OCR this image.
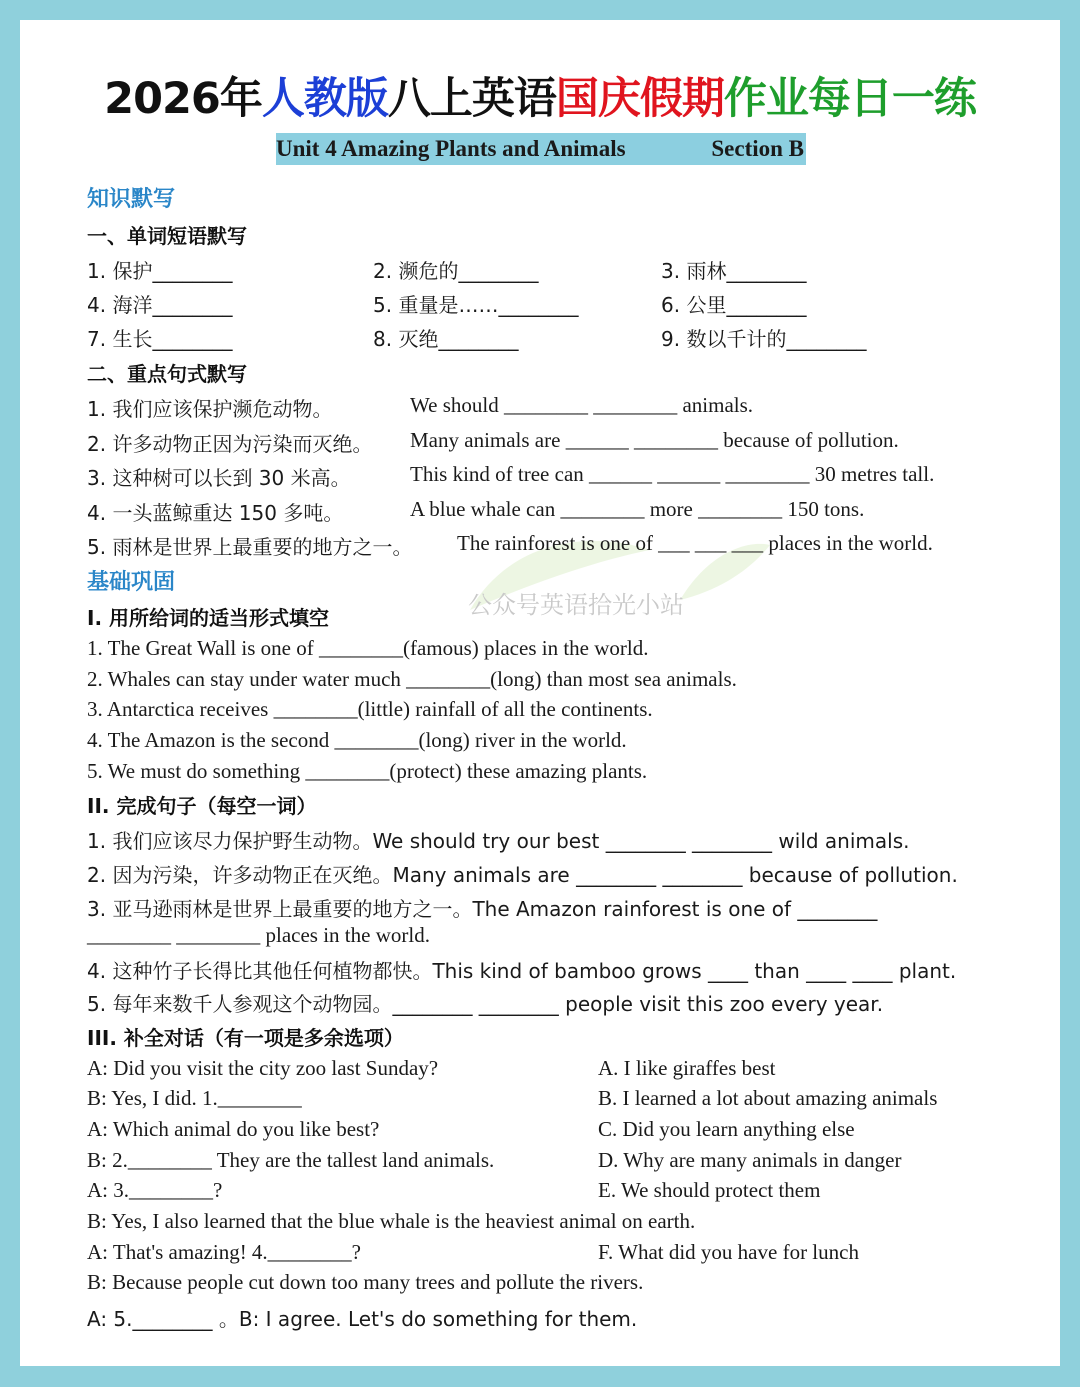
2026年人教版八上英语国庆假期作业每日一练
Unit 4 Amazing Plants and Animals	Section B
公众号英语拾光小站
知识默写
一、单词短语默写
1. 保护________	2. 濒危的________	3. 雨林________
4. 海洋________	5. 重量是……________	6. 公里________
7. 生长________	8. 灭绝________	9. 数以千计的________
二、重点句式默写
1. 我们应该保护濒危动物。	We should ________ ________ animals.
2. 许多动物正因为污染而灭绝。 Many animals are ______ ________ because of pollution.
3. 这种树可以长到 30 米高。	This kind of tree can ______ ______ ________ 30 metres tall.
4. 一头蓝鲸重达 150 多吨。	A blue whale can ________ more ________ 150 tons.
5. 雨林是世界上最重要的地方之一。 The rainforest is one of ___ ___ ___ places in the world.
基础巩固
I. 用所给词的适当形式填空
1. The Great Wall is one of ________(famous) places in the world.
2. Whales can stay under water much ________(long) than most sea animals.
3. Antarctica receives ________(little) rainfall of all the continents.
4. The Amazon is the second ________(long) river in the world.
5. We must do something ________(protect) these amazing plants.
II. 完成句子（每空一词）
1. 我们应该尽力保护野生动物。We should try our best ________ ________ wild animals.
2. 因为污染，许多动物正在灭绝。Many animals are ________ ________ because of pollution.
3. 亚马逊雨林是世界上最重要的地方之一。The Amazon rainforest is one of ________
________ ________ places in the world.
4. 这种竹子长得比其他任何植物都快。This kind of bamboo grows ____ than ____ ____ plant.
5. 每年来数千人参观这个动物园。________ ________ people visit this zoo every year.
III. 补全对话（有一项是多余选项）
A: Did you visit the city zoo last Sunday?
B: Yes, I did. 1.________
A: Which animal do you like best?
B: 2.________ They are the tallest land animals.
A: 3.________?
B: Yes, I also learned that the blue whale is the heaviest animal on earth.
A: That's amazing! 4.________?
B: Because people cut down too many trees and pollute the rivers.
A: 5.________ 。B: I agree. Let's do something for them.
A. I like giraffes best
B. I learned a lot about amazing animals
C. Did you learn anything else
D. Why are many animals in danger
E. We should protect them
F. What did you have for lunch
